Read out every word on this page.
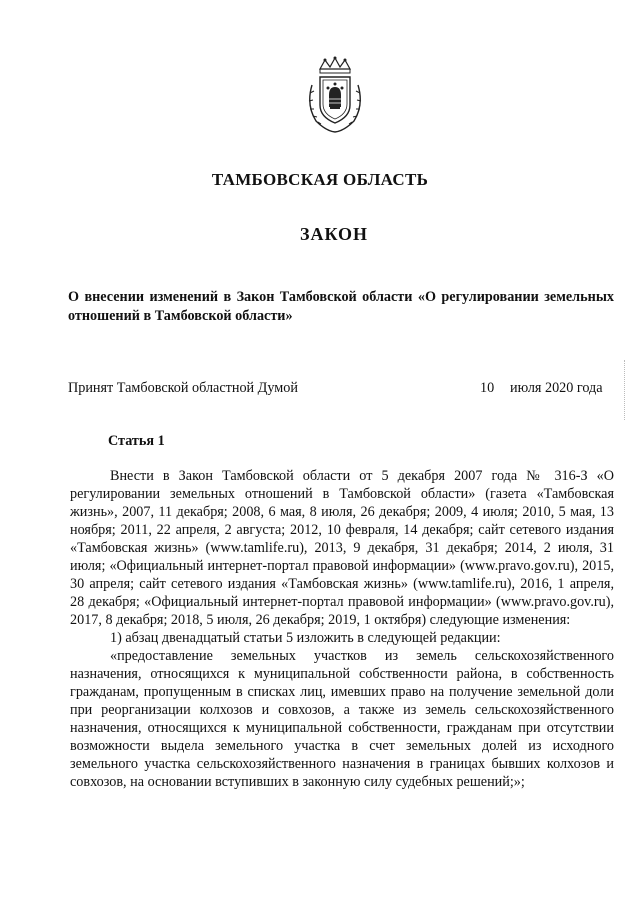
ТАМБОВСКАЯ ОБЛАСТЬ
ЗАКОН
О внесении изменений в Закон Тамбовской области «О регулировании земельных отношений в Тамбовской области»
Принят Тамбовской областной Думой	10 июля 2020 года
Статья 1

Внести в Закон Тамбовской области от 5 декабря 2007 года № 316-З «О регулировании земельных отношений в Тамбовской области» (газета «Тамбовская жизнь», 2007, 11 декабря; 2008, 6 мая, 8 июля, 26 декабря; 2009, 4 июля; 2010, 5 мая, 13 ноября; 2011, 22 апреля, 2 августа; 2012, 10 февраля, 14 декабря; сайт сетевого издания «Тамбовская жизнь» (www.tamlife.ru), 2013, 9 декабря, 31 декабря; 2014, 2 июля, 31 июля; «Официальный интернет-портал правовой информации» (www.pravo.gov.ru), 2015, 30 апреля; сайт сетевого издания «Тамбовская жизнь» (www.tamlife.ru), 2016, 1 апреля, 28 декабря; «Официальный интернет-портал правовой информации» (www.pravo.gov.ru), 2017, 8 декабря; 2018, 5 июля, 26 декабря; 2019, 1 октября) следующие изменения:

1) абзац двенадцатый статьи 5 изложить в следующей редакции:

«предоставление земельных участков из земель сельскохозяйственного назначения, относящихся к муниципальной собственности района, в собственность гражданам, пропущенным в списках лиц, имевших право на получение земельной доли при реорганизации колхозов и совхозов, а также из земель сельскохозяйственного назначения, относящихся к муниципальной собственности, гражданам при отсутствии возможности выдела земельного участка в счет земельных долей из исходного земельного участка сельскохозяйственного назначения в границах бывших колхозов и совхозов, на основании вступивших в законную силу судебных решений;»;
